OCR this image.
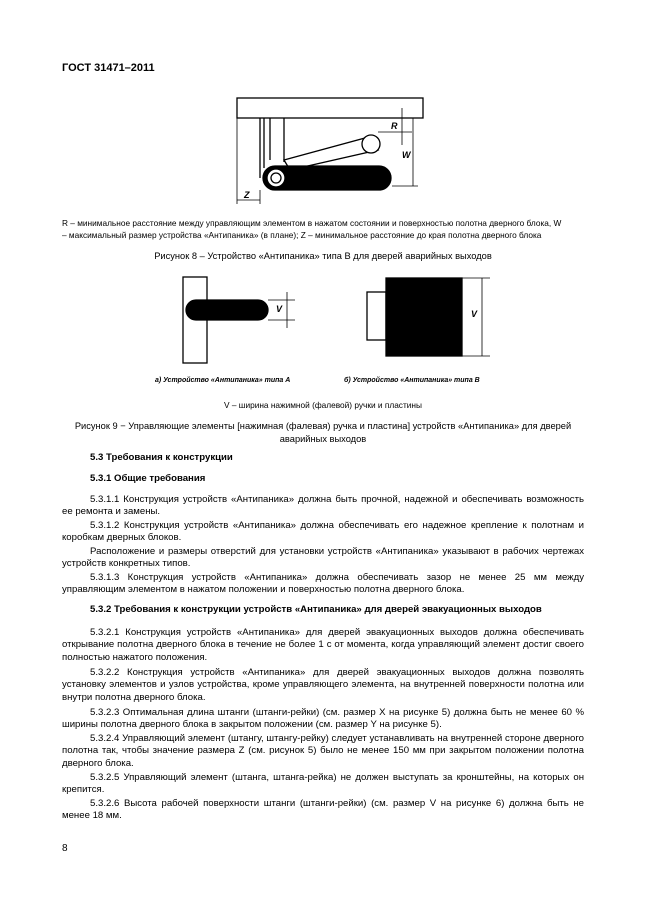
ГОСТ 31471–2011
R
W
Z
R – минимальное расстояние между управляющим элементом в нажатом состоянии и поверхностью полотна дверного блока, W
– максимальный размер устройства «Антипаника» (в плане); Z – минимальное расстояние до края полотна дверного блока
Рисунок 8 – Устройство «Антипаника» типа B для дверей аварийных выходов
V	V
а) Устройство «Антипаника» типа A	б) Устройство «Антипаника» типа B
V – ширина нажимной (фалевой) ручки и пластины
Рисунок 9 − Управляющие элементы [нажимная (фалевая) ручка и пластина] устройств «Антипаника» для дверей
аварийных выходов

5.3 Требования к конструкции

5.3.1 Общие требования

5.3.1.1 Конструкция устройств «Антипаника» должна быть прочной, надежной и обеспечивать возможность ее ремонта и замены.

5.3.1.2 Конструкция устройств «Антипаника» должна обеспечивать его надежное крепление к полотнам и коробкам дверных блоков.

Расположение и размеры отверстий для установки устройств «Антипаника» указывают в рабочих чертежах устройств конкретных типов.

5.3.1.3 Конструкция устройств «Антипаника» должна обеспечивать зазор не менее 25 мм между управляющим элементом в нажатом положении и поверхностью полотна дверного блока.

5.3.2 Требования к конструкции устройств «Антипаника» для дверей эвакуационных выходов

5.3.2.1 Конструкция устройств «Антипаника» для дверей эвакуационных выходов должна обеспечивать открывание полотна дверного блока в течение не более 1 с от момента, когда управляющий элемент достиг своего полностью нажатого положения.

5.3.2.2 Конструкция устройств «Антипаника» для дверей эвакуационных выходов должна позволять установку элементов и узлов устройства, кроме управляющего элемента, на внутренней поверхности полотна или внутри полотна дверного блока.

5.3.2.3 Оптимальная длина штанги (штанги-рейки) (см. размер X на рисунке 5) должна быть не менее 60 % ширины полотна дверного блока в закрытом положении (см. размер Y на рисунке 5).

5.3.2.4 Управляющий элемент (штангу, штангу-рейку) следует устанавливать на внутренней стороне дверного полотна так, чтобы значение размера Z (см. рисунок 5) было не менее 150 мм при закрытом положении полотна дверного блока.

5.3.2.5 Управляющий элемент (штанга, штанга-рейка) не должен выступать за кронштейны, на которых он крепится.

5.3.2.6 Высота рабочей поверхности штанги (штанги-рейки) (см. размер V на рисунке 6) должна быть не менее 18 мм.

8
